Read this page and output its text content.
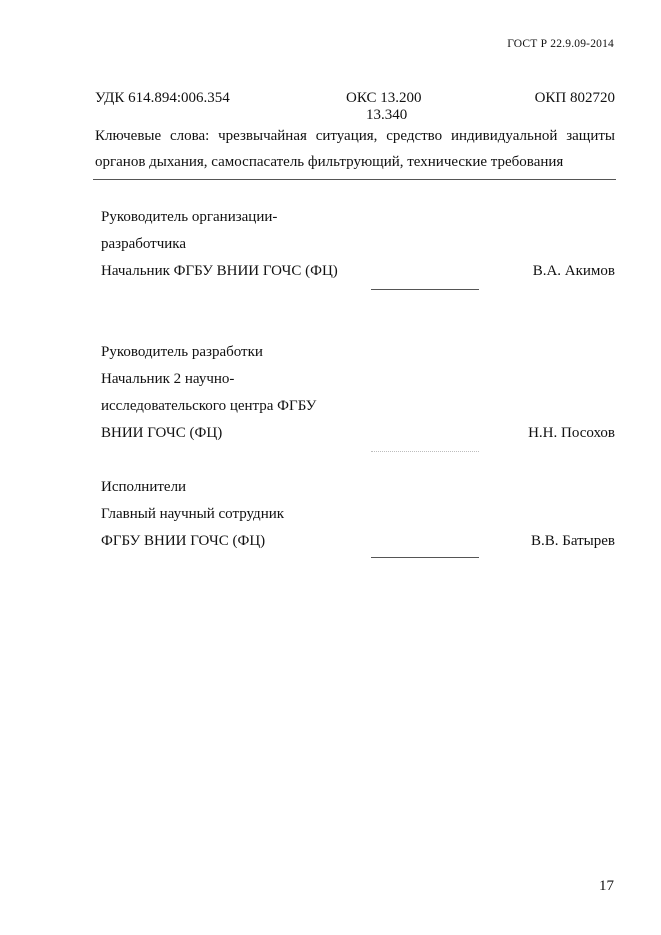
ГОСТ Р 22.9.09-2014
УДК 614.894:006.354	ОКС 13.200
13.340
ОКП 802720
Ключевые слова: чрезвычайная ситуация, средство индивидуальной защиты органов дыхания, самоспасатель фильтрующий, технические требования
Руководитель организации-
разработчика
Начальник ФГБУ ВНИИ ГОЧС (ФЦ)	В.А. Акимов
Руководитель разработки
Начальник 2 научно-
исследовательского центра ФГБУ
ВНИИ ГОЧС (ФЦ)	Н.Н. Посохов
Исполнители
Главный научный сотрудник
ФГБУ ВНИИ ГОЧС (ФЦ)	В.В. Батырев
17
